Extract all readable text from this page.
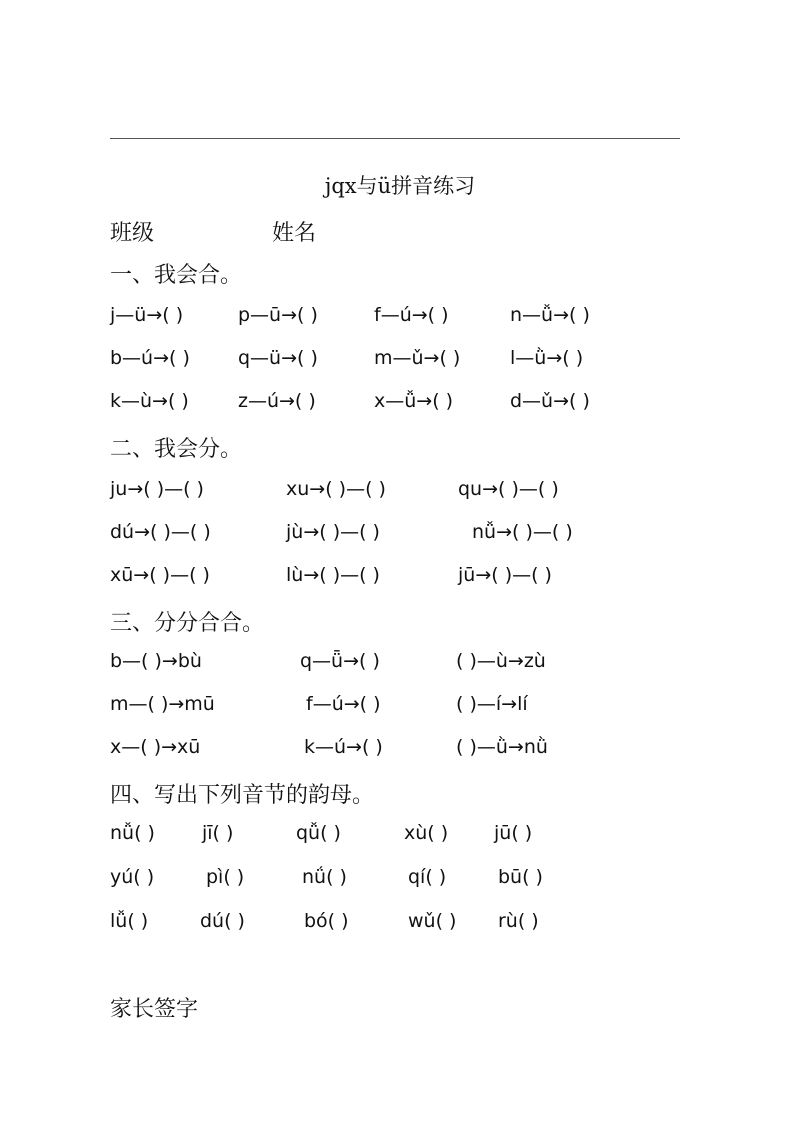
jqx与ü拼音练习
班级	姓名
一、我会合。
j—ü→( )	p—ū→( )	f—ú→( )	n—ǚ→( )
b—ú→( )	q—ü→( )	m—ǔ→( )	l—ǜ→( )
k—ù→( )	z—ú→( )	x—ǚ→( )	d—ǔ→( )
二、我会分。
ju→( )—( )	xu→( )—( )	qu→( )—( )
dú→( )—( )	jù→( )—( )	nǚ→( )—( )
xū→( )—( )	lù→( )—( )	jū→( )—( )
三、分分合合。
b—( )→bù	q—ǖ→( )	( )—ù→zù
m—( )→mū	f—ú→( )	( )—í→lí
x—( )→xū	k—ú→( )	( )—ǜ→nǜ
四、写出下列音节的韵母。
nǚ( ) jī( )	qǚ( )	xù( ) jū( )
yú( )	pì( )	nǘ( )	qí( )	bū( )
lǚ( )	dú( )	bó( )	wǔ( ) rù( )
家长签字
